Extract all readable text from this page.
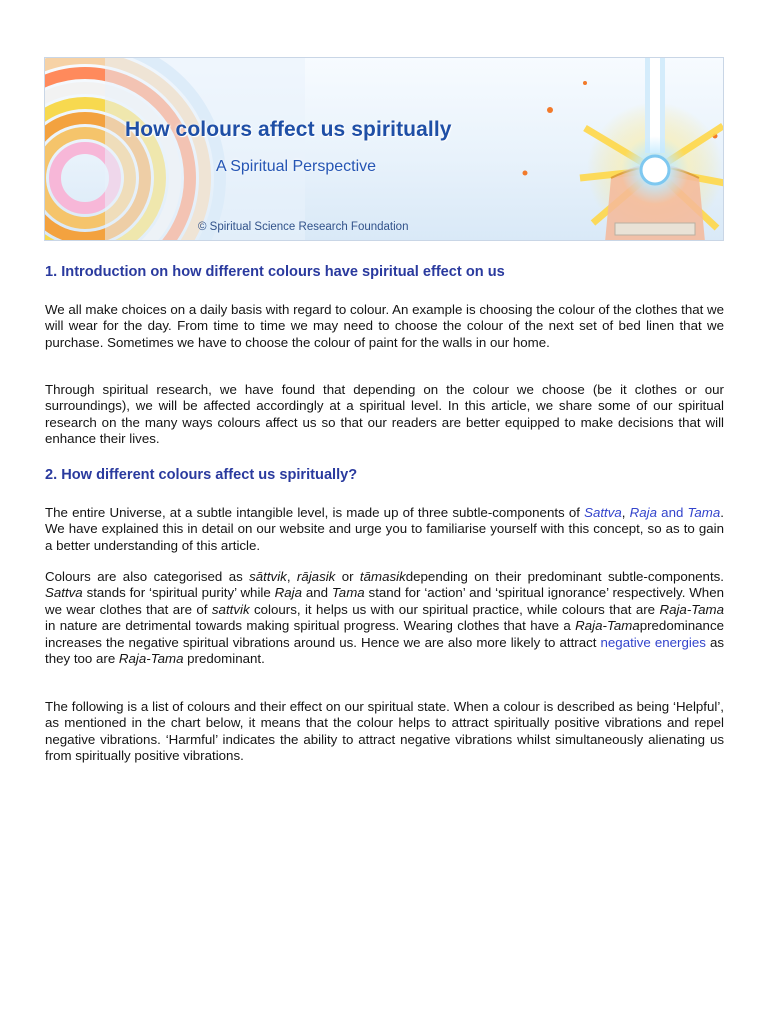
How colours affect us spiritually
A Spiritual Perspective
© Spiritual Science Research Foundation
1. Introduction on how different colours have spiritual effect on us

We all make choices on a daily basis with regard to colour. An example is choosing the colour of the clothes that we will wear for the day. From time to time we may need to choose the colour of the next set of bed linen that we purchase. Sometimes we have to choose the colour of paint for the walls in our home.

Through spiritual research, we have found that depending on the colour we choose (be it clothes or our surroundings), we will be affected accordingly at a spiritual level. In this article, we share some of our spiritual research on the many ways colours affect us so that our readers are better equipped to make decisions that will enhance their lives.

2. How different colours affect us spiritually?

The entire Universe, at a subtle intangible level, is made up of three subtle-components of Sattva, Raja and Tama. We have explained this in detail on our website and urge you to familiarise yourself with this concept, so as to gain a better understanding of this article.

Colours are also categorised as sāttvik, rājasik or tāmasikdepending on their predominant subtle-components. Sattva stands for ‘spiritual purity’ while Raja and Tama stand for ‘action’ and ‘spiritual ignorance’ respectively. When we wear clothes that are of sattvik colours, it helps us with our spiritual practice, while colours that are Raja-Tama in nature are detrimental towards making spiritual progress. Wearing clothes that have a Raja-Tamapredominance increases the negative spiritual vibrations around us. Hence we are also more likely to attract negative energies as they too are Raja-Tama predominant.

The following is a list of colours and their effect on our spiritual state. When a colour is described as being ‘Helpful’, as mentioned in the chart below, it means that the colour helps to attract spiritually positive vibrations and repel negative vibrations. ‘Harmful’ indicates the ability to attract negative vibrations whilst simultaneously alienating us from spiritually positive vibrations.
